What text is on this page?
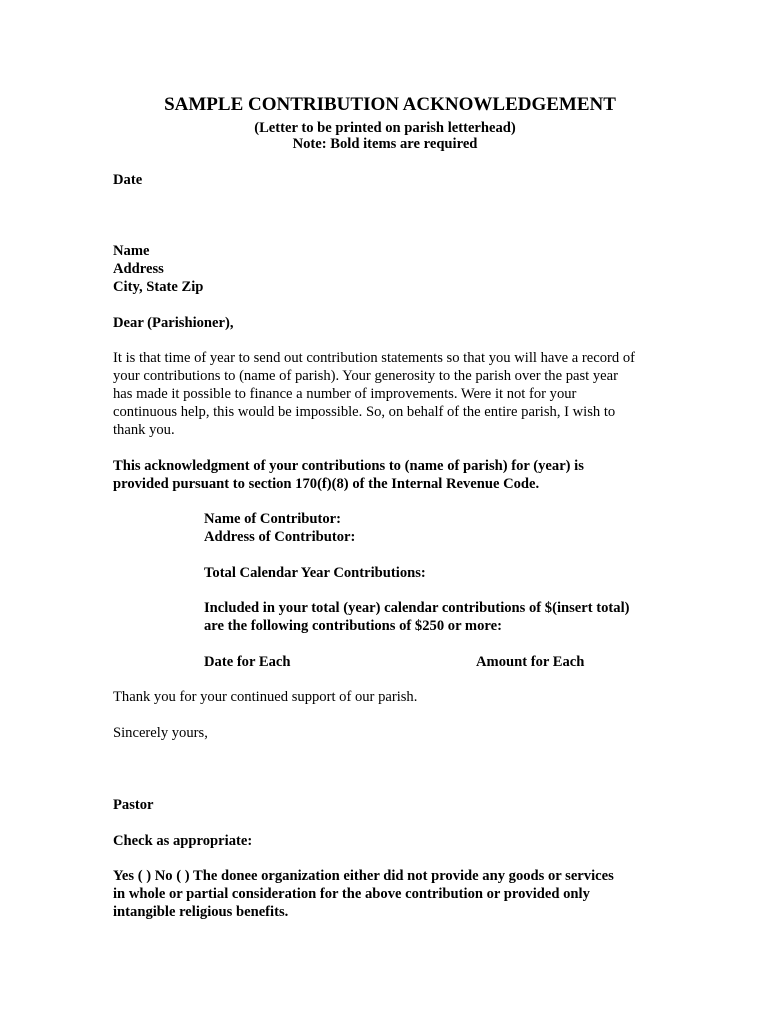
SAMPLE CONTRIBUTION ACKNOWLEDGEMENT

(Letter to be printed on parish letterhead)

Note: Bold items are required

Date

Name
Address
City, State Zip

Dear (Parishioner),

It is that time of year to send out contribution statements so that you will have a record of
your contributions to (name of parish). Your generosity to the parish over the past year
has made it possible to finance a number of improvements. Were it not for your
continuous help, this would be impossible. So, on behalf of the entire parish, I wish to
thank you.
This acknowledgment of your contributions to (name of parish) for (year) is
provided pursuant to section 170(f)(8) of the Internal Revenue Code.
Name of Contributor:
Address of Contributor:

Total Calendar Year Contributions:

Included in your total (year) calendar contributions of $(insert total)
are the following contributions of $250 or more:

Date for Each	Amount for Each

Thank you for your continued support of our parish.

Sincerely yours,

Pastor

Check as appropriate:

Yes ( ) No ( ) The donee organization either did not provide any goods or services
in whole or partial consideration for the above contribution or provided only
intangible religious benefits.
